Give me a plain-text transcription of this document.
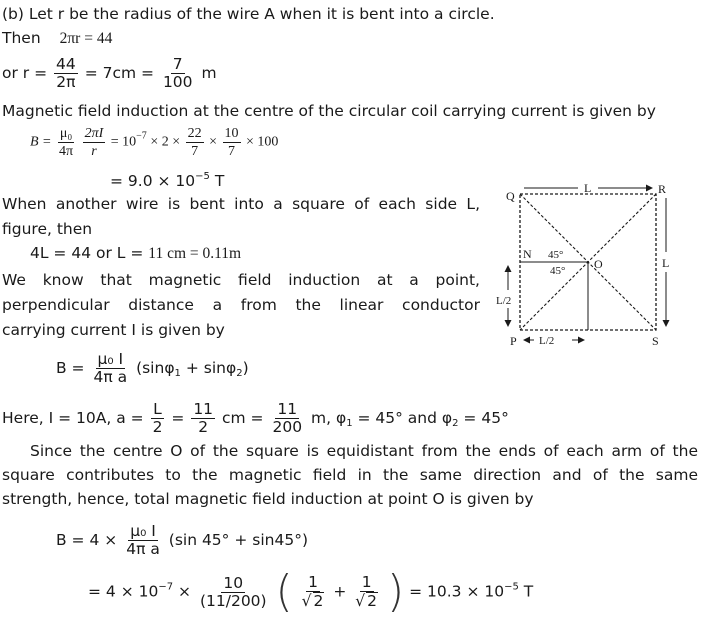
(b) Let r be the radius of the wire A when it is bent into a circle.
Then 2πr = 44
or $r = \frac{44}{2\pi} = 7cm = \frac{7}{100}$ m
Magnetic field induction at the centre of the circular coil carrying current is given by
$B = \frac{\text{μ₀}}{4\pi}$
$\frac{2\pi I}{r} = 10^{-7} \times 2 \times \frac{22}{7} \times \frac{10}{7} \times 100$
= $9.0 \times 10^{-5}$ T
When another wire is bent into a square of each side L,
figure, then
4L = 44 or L = 11 cm = 0.11m
We know that magnetic field induction at a point,
perpendicular distance a from the linear conductor
carrying current I is given by
$B = \frac{\text{μ₀ I}}{\text{4π a}} (\sin\varphi_1 + \sin\varphi_2)$
Here, I = 10A, $a = \frac{L}{2} = \frac{11}{2}$ cm = $\frac{11}{200} m$, $\varphi_1 = 45^\circ$ and $\varphi_2 = 45^\circ$
Since the centre O of the square is equidistant from the ends of each arm of the
square contributes to the magnetic field in the same direction and of the same
strength, hence, total magnetic field induction at point O is given by
$B = 4 \times \frac{\text{μ₀ I}}{\text{4π a}} (\sin$ 45° + sin45°)
= $4 \times 10^{-7} \times \frac{10}{(11/200)}$ ( $\frac{1}{√ 2} + \frac{1}{√ 2}$ ) = $10.3 \times 10^{-5}$ T
Q	R
P	S
N
O
L
L
L/2
L/2
45°
45°
